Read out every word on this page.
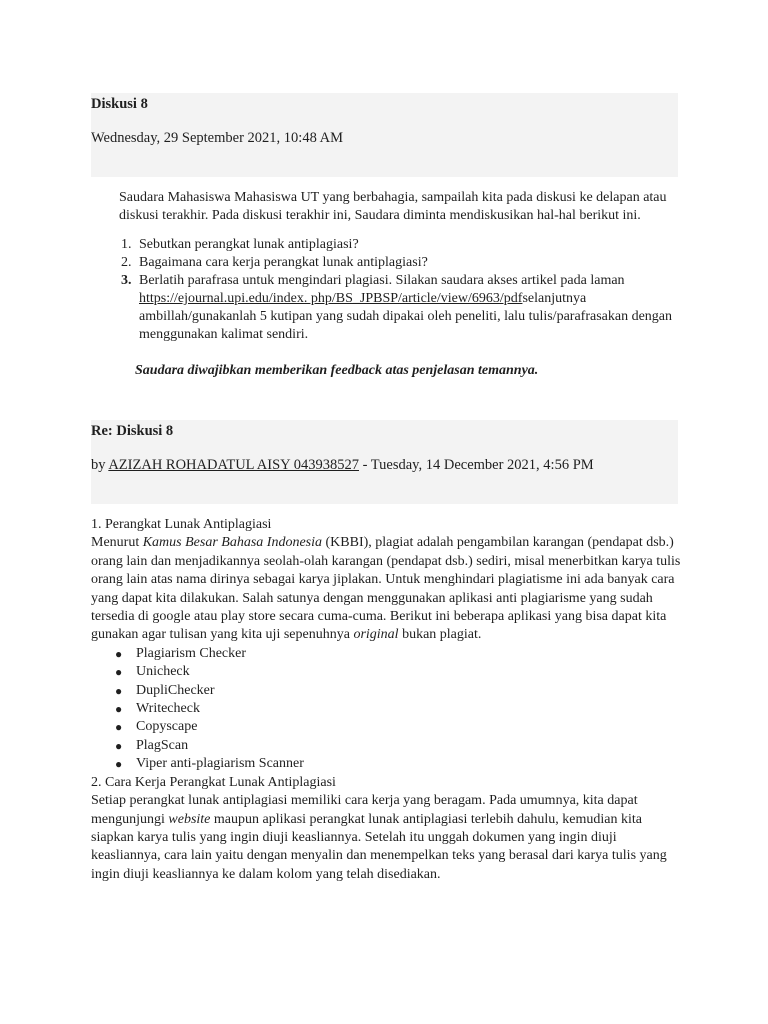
Diskusi 8
Wednesday, 29 September 2021, 10:48 AM

Saudara Mahasiswa Mahasiswa UT yang berbahagia, sampailah kita pada diskusi ke delapan atau diskusi terakhir. Pada diskusi terakhir ini, Saudara diminta mendiskusikan hal-hal berikut ini.

1. Sebutkan perangkat lunak antiplagiasi?
2. Bagaimana cara kerja perangkat lunak antiplagiasi?
3. Berlatih parafrasa untuk mengindari plagiasi. Silakan saudara akses artikel pada laman https://ejournal.upi.edu/index. php/BS_JPBSP/article/view/6963/pdfselanjutnya ambillah/gunakanlah 5 kutipan yang sudah dipakai oleh peneliti, lalu tulis/parafrasakan dengan menggunakan kalimat sendiri.
Saudara diwajibkan memberikan feedback atas penjelasan temannya.
Re: Diskusi 8
by AZIZAH ROHADATUL AISY 043938527 - Tuesday, 14 December 2021, 4:56 PM

1. Perangkat Lunak Antiplagiasi

Menurut Kamus Besar Bahasa Indonesia (KBBI), plagiat adalah pengambilan karangan (pendapat dsb.) orang lain dan menjadikannya seolah-olah karangan (pendapat dsb.) sediri, misal menerbitkan karya tulis orang lain atas nama dirinya sebagai karya jiplakan. Untuk menghindari plagiatisme ini ada banyak cara yang dapat kita dilakukan. Salah satunya dengan menggunakan aplikasi anti plagiarisme yang sudah tersedia di google atau play store secara cuma-cuma. Berikut ini beberapa aplikasi yang bisa dapat kita gunakan agar tulisan yang kita uji sepenuhnya original bukan plagiat.

● Plagiarism Checker
● Unicheck
● DupliChecker
● Writecheck
● Copyscape
● PlagScan
● Viper anti-plagiarism Scanner

2. Cara Kerja Perangkat Lunak Antiplagiasi

Setiap perangkat lunak antiplagiasi memiliki cara kerja yang beragam. Pada umumnya, kita dapat mengunjungi website maupun aplikasi perangkat lunak antiplagiasi terlebih dahulu, kemudian kita siapkan karya tulis yang ingin diuji keasliannya. Setelah itu unggah dokumen yang ingin diuji keasliannya, cara lain yaitu dengan menyalin dan menempelkan teks yang berasal dari karya tulis yang ingin diuji keasliannya ke dalam kolom yang telah disediakan.
